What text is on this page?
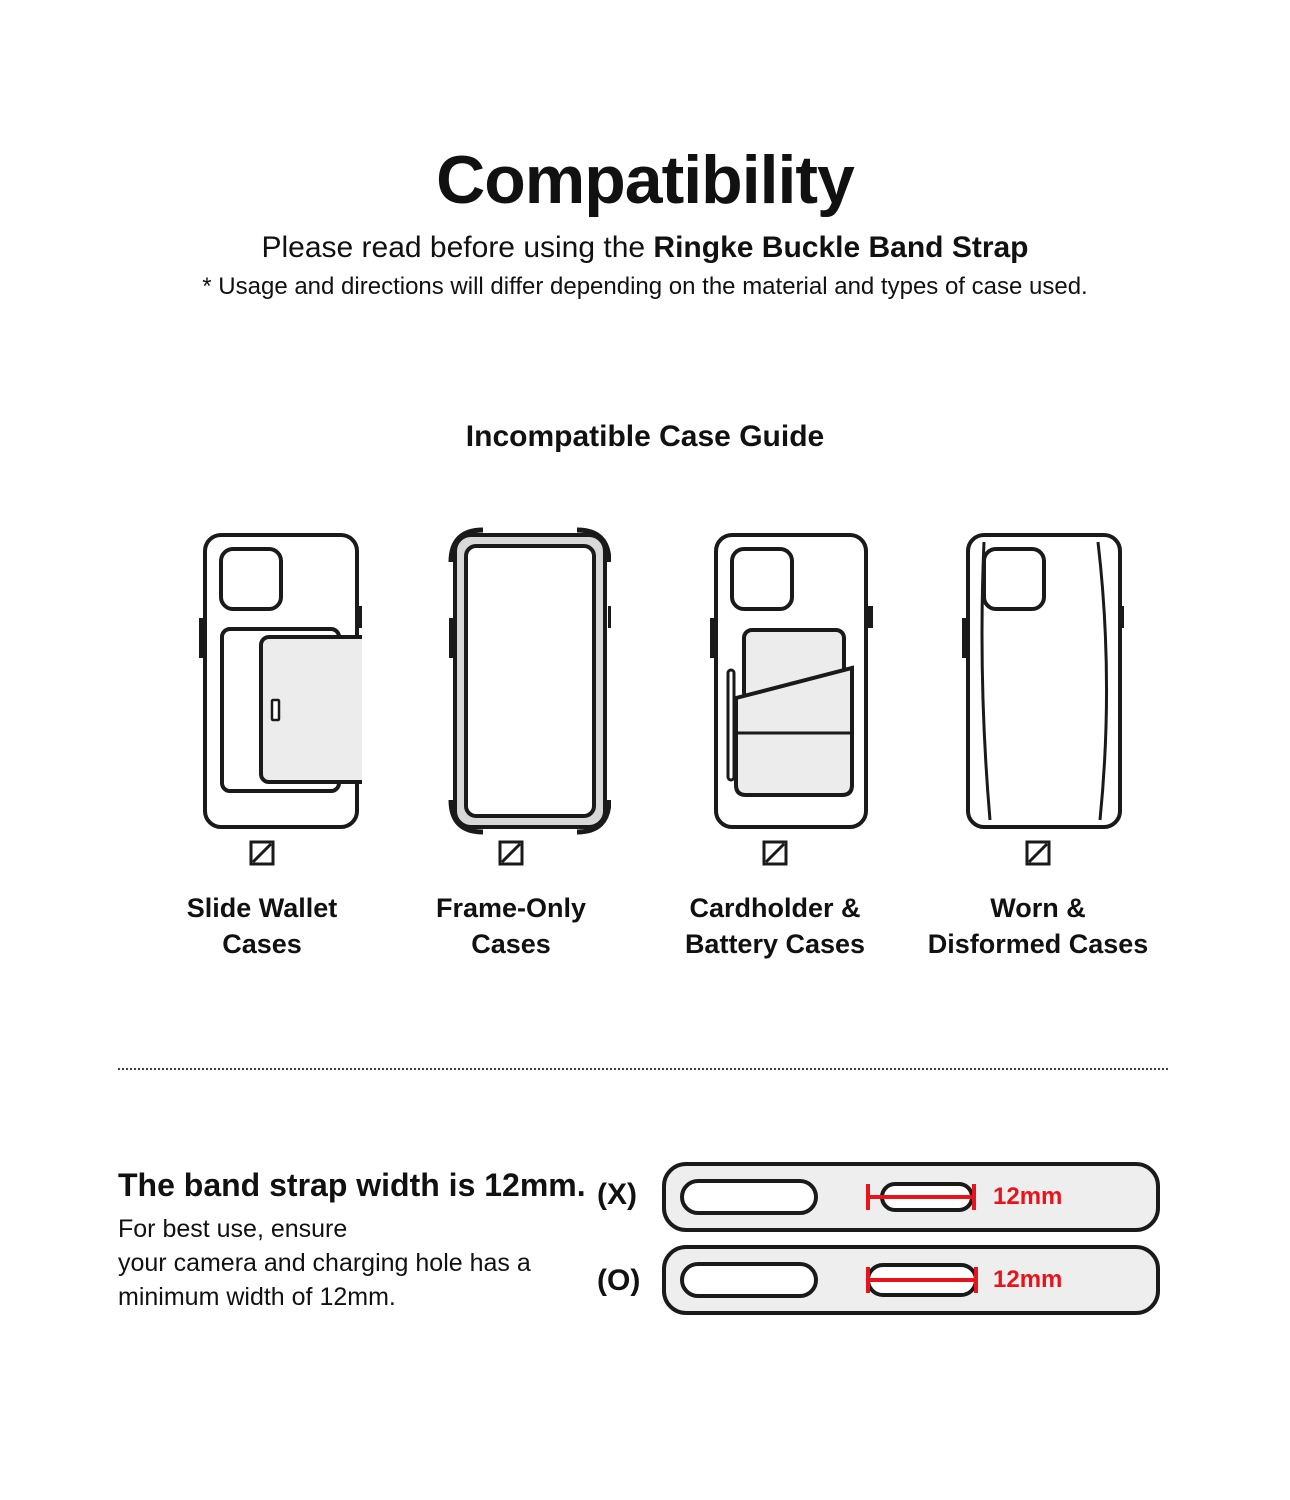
Compatibility
Please read before using the Ringke Buckle Band Strap
* Usage and directions will differ depending on the material and types of case used.
Incompatible Case Guide
Slide Wallet
Cases
Frame-Only
Cases
Cardholder &
Battery Cases
Worn &
Disformed Cases
The band strap width is 12mm.
For best use, ensure
your camera and charging hole has a
minimum width of 12mm.
(X)	12mm
(O)	12mm
